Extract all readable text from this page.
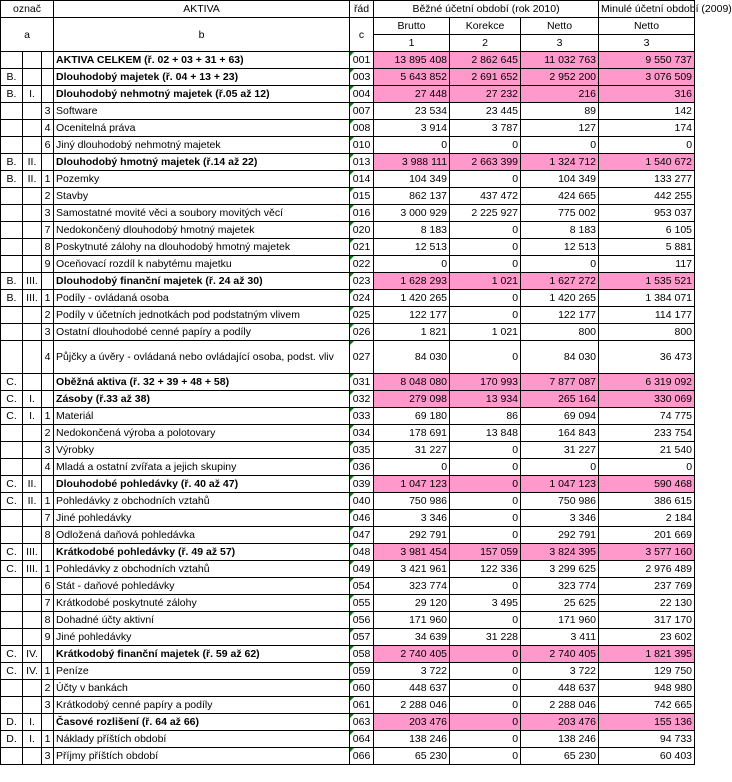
označ			AKTIVA	řád	Běžné účetní období (rok 2010)			Minulé účetní období (2009)
a			b	c				
					Brutto	Korekce	Netto	Netto
					1	2	3	3
			AKTIVA CELKEM (ř. 02 + 03 + 31 + 63)	001	13 895 408	2 862 645	11 032 763	9 550 737
B.			Dlouhodobý majetek (ř. 04 + 13 + 23)	003	5 643 852	2 691 652	2 952 200	3 076 509
B.	I.		Dlouhodobý nehmotný majetek (ř.05 až 12)	004	27 448	27 232	216	316
		3	Software	007	23 534	23 445	89	142
		4	Ocenitelná práva	008	3 914	3 787	127	174
		6	Jiný dlouhodobý nehmotný majetek	010	0	0	0	0
B.	II.		Dlouhodobý hmotný majetek (ř.14 až 22)	013	3 988 111	2 663 399	1 324 712	1 540 672
B.	II.	1	Pozemky	014	104 349	0	104 349	133 277
		2	Stavby	015	862 137	437 472	424 665	442 255
		3	Samostatné movité věci a soubory movitých věcí	016	3 000 929	2 225 927	775 002	953 037
		7	Nedokončený dlouhodobý hmotný majetek	020	8 183	0	8 183	6 105
		8	Poskytnuté zálohy na dlouhodobý hmotný majetek	021	12 513	0	12 513	5 881
		9	Oceňovací rozdíl k nabytému majetku	022	0	0	0	117
B.	III.		Dlouhodobý finanční majetek (ř. 24 až 30)	023	1 628 293	1 021	1 627 272	1 535 521
B.	III.	1	Podíly - ovládaná osoba	024	1 420 265	0	1 420 265	1 384 071
		2	Podíly v účetních jednotkách pod podstatným vlivem	025	122 177	0	122 177	114 177
		3	Ostatní dlouhodobé cenné papíry a podíly	026	1 821	1 021	800	800
		4	Půjčky a úvěry - ovládaná nebo ovládající osoba, podst. vliv	027	84 030	0	84 030	36 473
C.			Oběžná aktiva (ř. 32 + 39 + 48 + 58)	031	8 048 080	170 993	7 877 087	6 319 092
C.	I.		Zásoby (ř.33 až 38)	032	279 098	13 934	265 164	330 069
C.	I.	1	Materiál	033	69 180	86	69 094	74 775
		2	Nedokončená výroba a polotovary	034	178 691	13 848	164 843	233 754
		3	Výrobky	035	31 227	0	31 227	21 540
		4	Mladá a ostatní zvířata a jejich skupiny	036	0	0	0	0
C.	II.		Dlouhodobé pohledávky (ř. 40 až 47)	039	1 047 123	0	1 047 123	590 468
C.	II.	1	Pohledávky z obchodních vztahů	040	750 986	0	750 986	386 615
		7	Jiné pohledávky	046	3 346	0	3 346	2 184
		8	Odložená daňová pohledávka	047	292 791	0	292 791	201 669
C.	III.		Krátkodobé pohledávky (ř. 49 až 57)	048	3 981 454	157 059	3 824 395	3 577 160
C.	III.	1	Pohledávky z obchodních vztahů	049	3 421 961	122 336	3 299 625	2 976 489
		6	Stát - daňové pohledávky	054	323 774	0	323 774	237 769
		7	Krátkodobé poskytnuté zálohy	055	29 120	3 495	25 625	22 130
		8	Dohadné účty aktivní	056	171 960	0	171 960	317 170
		9	Jiné pohledávky	057	34 639	31 228	3 411	23 602
C.	IV.		Krátkodobý finanční majetek (ř. 59 až 62)	058	2 740 405	0	2 740 405	1 821 395
C.	IV.	1	Peníze	059	3 722	0	3 722	129 750
		2	Účty v bankách	060	448 637	0	448 637	948 980
		3	Krátkodobý cenné papíry a podíly	061	2 288 046	0	2 288 046	742 665
D.	I.		Časové rozlišení (ř. 64 až 66)	063	203 476	0	203 476	155 136
D.	I.	1	Náklady příštích období	064	138 246	0	138 246	94 733
		3	Příjmy příštích období	066	65 230	0	65 230	60 403
